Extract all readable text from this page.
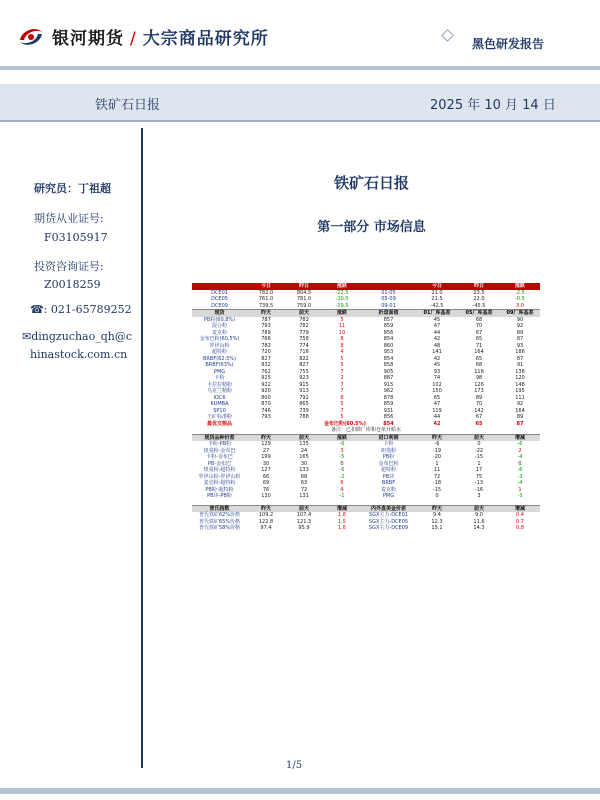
银河期货 / 大宗商品研究所	黑色研发报告
铁矿石日报	2025 年 10 月 14 日
研究员：丁祖超
期货从业证号:
F03105917
投资咨询证号:
Z0018259
☎: 021-65789252
✉dingzuchao_qh@c
hinastock.com.cn
铁矿石日报
第一部分 市场信息
	今日	昨日	涨跌		今日	昨日	涨跌
DCE01	782.0	804.5	-22.5	01-05	21.0	23.5	-2.5
DCE05	761.0	781.0	-20.0	05-09	21.5	22.0	-0.5
DCE09	739.5	759.0	-19.5	09-01	-42.5	-45.5	3.0
现货	昨天	前天	涨跌	折盘面值	01厂库基差	05厂库基差	09厂库基差
PB粉(60.8%)	787	782	5	857	45	68	90
混合粉	793	782	11	859	47	70	92
麦克粉	789	779	10	856	44	67	89
金布巴粉(60.5%)	766	758	8	854	42	65	87
罗伊山粉	782	774	8	860	48	71	93
超特粉	720	716	4	953	141	164	186
BRBF(62.5%)	827	822	5	854	42	65	87
BRBF(63%)	832	827	5	858	45	68	91
PMG	762	755	7	905	93	116	138
卡粉	925	923	2	887	74	98	120
卡拉拉精粉	922	915	7	915	102	126	148
乌克兰精粉	920	913	7	962	150	173	195
IOC6	800	792	8	878	65	89	111
KUMBA	870	865	5	859	47	70	92
SP10	746	739	7	931	119	142	164
王矿标准粉	793	788	5	856	44	67	89
最优交割品			金布巴粉(60.5%)	854	42	65	87
备注：已扣除厂库和仓单升贴水							
现货品种价差	昨天	前天	涨跌	进口利润	昨天	前天	增减
卡粉-PB粉	129	135	-6	卡粉	-6	0	-6
纽曼粉-金布巴	27	24	3	纽曼粉	-19	-22	2
卡粉-金布巴	199	165	-5	PB粉	-20	-15	-4
PB-金布巴	30	30	0	金布巴粉	1	1	0
纽曼粉-超特粉	127	133	-6	超特粉	11	17	-6
罗伊山粉-罗伊山粉	66	68	-2	PB块	72	75	-3
麦克粉-超特粉	69	63	6	BRBF	-18	-13	-4
PB粉-超特粉	76	72	4	麦克粉	-15	-16	1
PB块-PB粉	130	131	-1	PMG	0	3	-3

普氏指数	昨天	前天	增减	内外盘美金价差	昨天	前天	增减
普氏铁矿62%价格	109.2	107.4	1.8	SGX主力-DCE01	9.4	9.0	0.4
普氏铁矿65%价格	122.8	121.3	1.5	SGX主力-DCE05	12.3	11.6	0.7
普氏铁矿58%价格	97.4	95.9	1.6	SGX主力-DCE09	15.1	14.3	0.8
1/5
